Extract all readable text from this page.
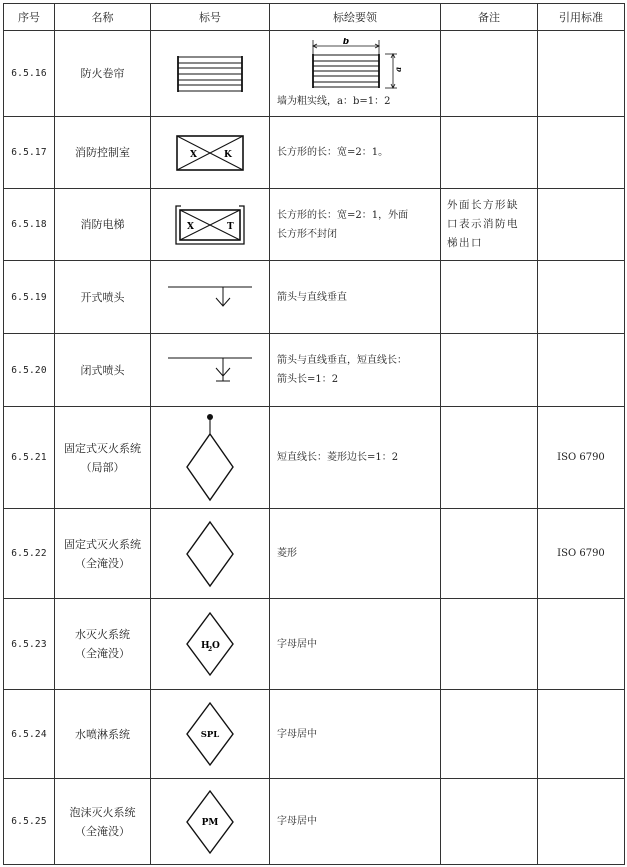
序号	名称	标号	标绘要领	备注	引用标准
6.5.16	防火卷帘		b
a
墙为粗实线，a：b=1：2		

6.5.17	消防控制室	X K	长方形的长：宽=2：1。		

6.5.18	消防电梯	X T	长方形的长：宽=2：1，外面
长方形不封闭	外面长方形缺
口表示消防电
梯出口	

6.5.19	开式喷头		箭头与直线垂直		

6.5.20	闭式喷头		箭头与直线垂直，短直线长：
箭头长=1：2		

6.5.21	固定式灭火系统
（局部）		短直线长：菱形边长=1：2		ISO 6790
6.5.22	固定式灭火系统
（全淹没）		菱形		ISO 6790
6.5.23	水灭火系统
（全淹没）	H
2 O	字母居中		

6.5.24	水喷淋系统	SPL	字母居中		

6.5.25	泡沫灭火系统
（全淹没）	PM	字母居中		
